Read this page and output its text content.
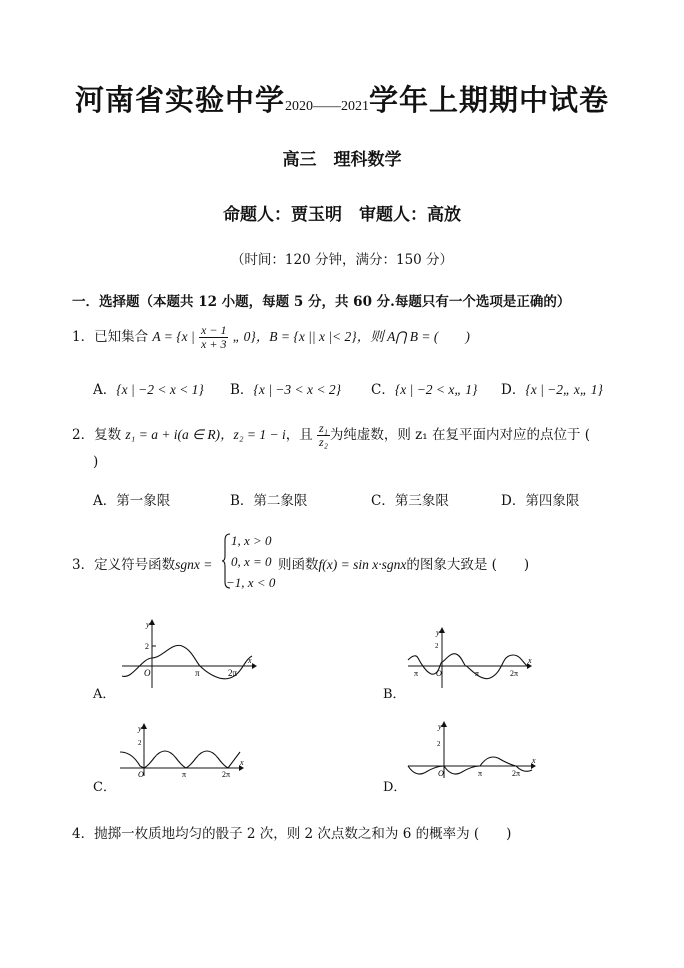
河南省实验中学2020——2021学年上期期中试卷
高三　理科数学
命题人：贾玉明　审题人：高放
（时间：120 分钟，满分：150 分）
一．选择题（本题共 12 小题，每题 5 分，共 60 分.每题只有一个选项是正确的）
1．已知集合 A = {x | $\frac{x - 1}{x + 3}$ „ 0}，B = {x || x |< 2}，则 A⋂ B = (　　)
A．{x | −2 < x < 1} B．{x | −3 < x < 2} C．{x | −2 < x„ 1} D．{x | −2„ x„ 1}
2．复数 z₁ = a + i(a ∈ R)，z₂ = 1 − i，且 $\frac{\text{z₁}}{\text{z₂}}$ 为纯虚数，则 z₁ 在复平面内对应的点位于 (
)
A．第一象限	B．第二象限	C．第三象限	D．第四象限
3．定义符号函数sgnx =
1, x > 0
0, x = 0
−1, x < 0
则函数f(x) = sin x·sgnx的图象大致是 (　　)
A．	B．
C．	D．
y
2
O	π	2π
x
y
2
π O	π	2π
x
y
2
O	π	2π
x
y
2
O	π	2π
x
4．抛掷一枚质地均匀的骰子 2 次，则 2 次点数之和为 6 的概率为 (　　)
